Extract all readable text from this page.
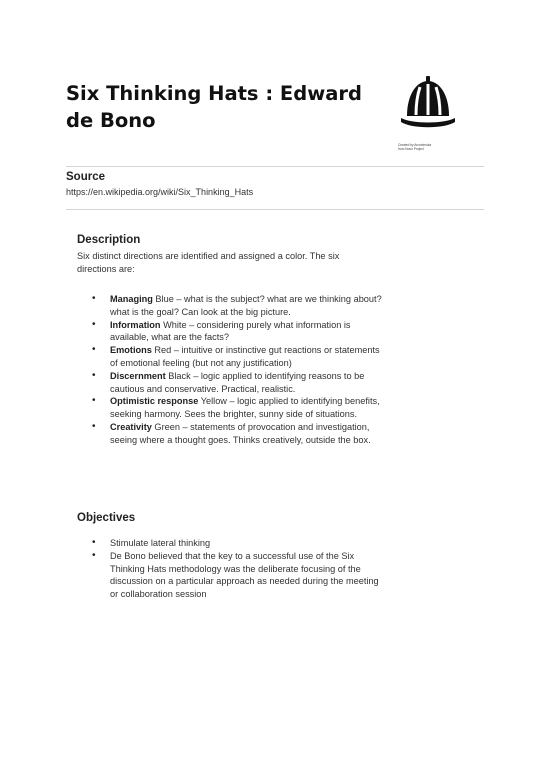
Six Thinking Hats : Edward de Bono
Created by Anomimoka
from Noun Project
Source
https://en.wikipedia.org/wiki/Six_Thinking_Hats
Description
Six distinct directions are identified and assigned a color. The six directions are:
• Managing Blue – what is the subject? what are we thinking about? what is the goal? Can look at the big picture.
• Information White – considering purely what information is available, what are the facts?
• Emotions Red – intuitive or instinctive gut reactions or statements of emotional feeling (but not any justification)
• Discernment Black – logic applied to identifying reasons to be cautious and conservative. Practical, realistic.
• Optimistic response Yellow – logic applied to identifying benefits, seeking harmony. Sees the brighter, sunny side of situations.
• Creativity Green – statements of provocation and investigation, seeing where a thought goes. Thinks creatively, outside the box.
Objectives
• Stimulate lateral thinking
• De Bono believed that the key to a successful use of the Six Thinking Hats methodology was the deliberate focusing of the discussion on a particular approach as needed during the meeting or collaboration session
